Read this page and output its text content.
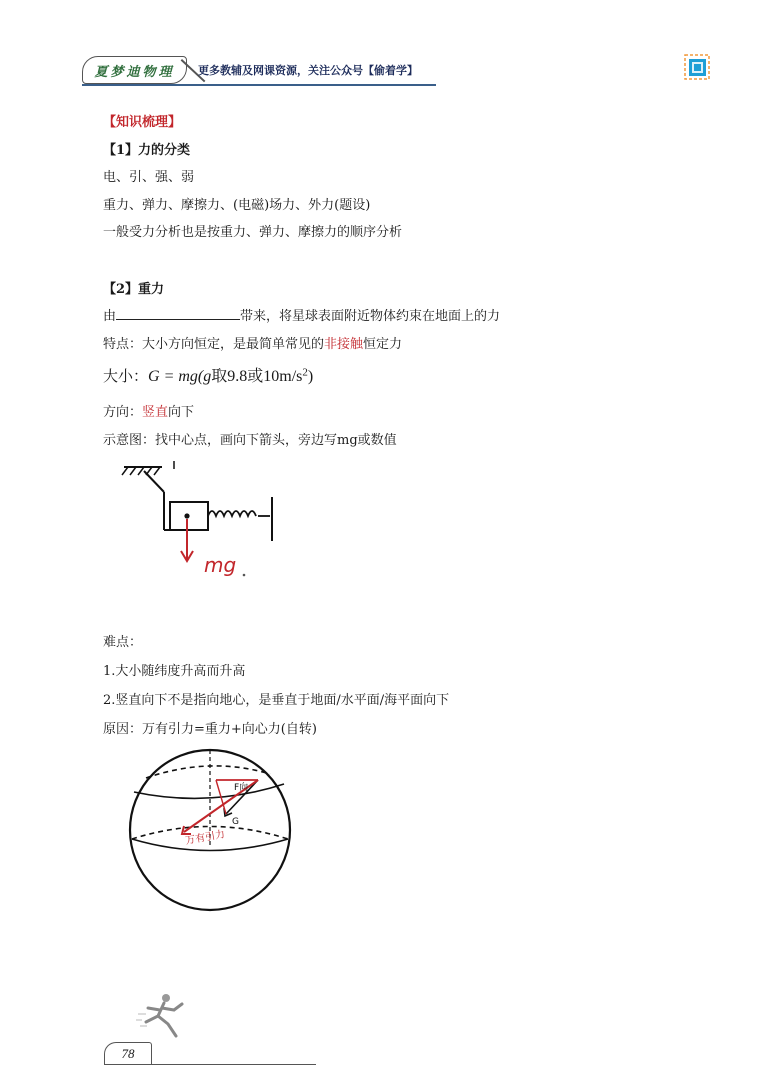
夏梦迪物理 更多教辅及网课资源，关注公众号【偷着学】
【知识梳理】
【1】力的分类
电、引、强、弱
重力、弹力、摩擦力、(电磁)场力、外力(题设)
一般受力分析也是按重力、弹力、摩擦力的顺序分析
【2】重力
由	带来，将星球表面附近物体约束在地面上的力
特点：大小方向恒定，是最简单常见的非接触恒定力
大小：G = mg(g取9.8或$10m/s^2$)
方向：竖直向下
示意图：找中心点，画向下箭头，旁边写mg或数值
mg
难点：
1.大小随纬度升高而升高
2.竖直向下不是指向地心，是垂直于地面/水平面/海平面向下
原因：万有引力=重力+向心力(自转)
F向
G
万有引力
78
